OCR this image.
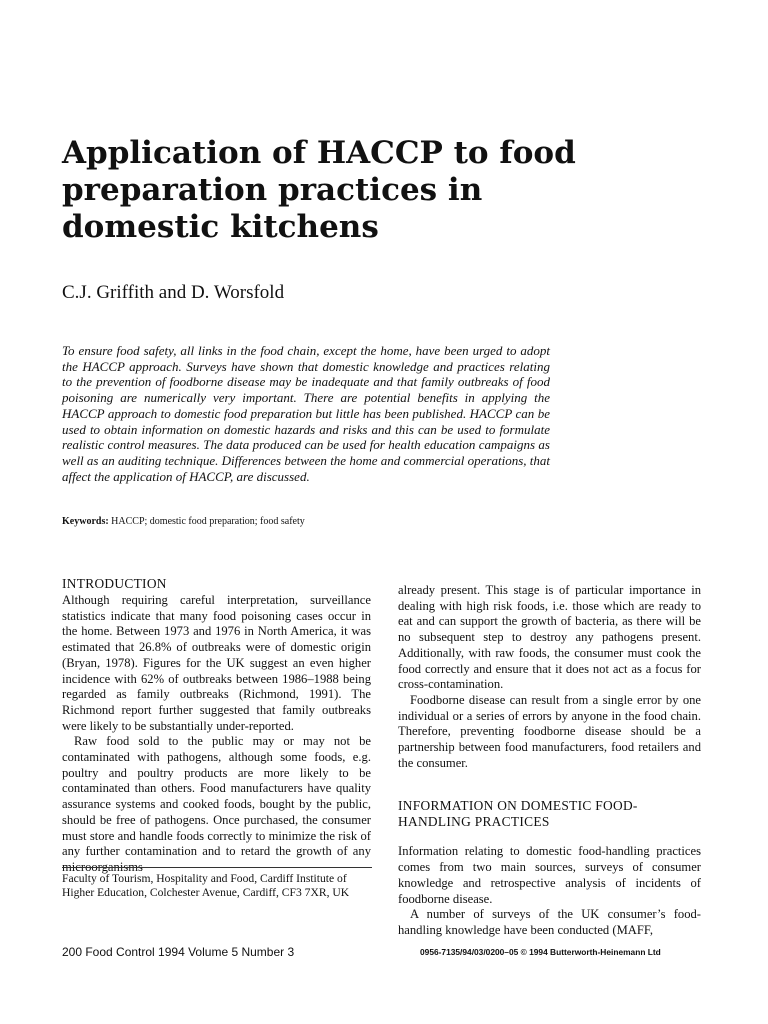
Application of HACCP to food preparation practices in domestic kitchens

C.J. Griffith and D. Worsfold

To ensure food safety, all links in the food chain, except the home, have been urged to adopt the HACCP approach. Surveys have shown that domestic knowledge and practices relating to the prevention of foodborne disease may be inadequate and that family outbreaks of food poisoning are numerically very important. There are potential benefits in applying the HACCP approach to domestic food preparation but little has been published. HACCP can be used to obtain information on domestic hazards and risks and this can be used to formulate realistic control measures. The data produced can be used for health education campaigns as well as an auditing technique. Differences between the home and commercial operations, that affect the application of HACCP, are discussed.

Keywords: HACCP; domestic food preparation; food safety

INTRODUCTION

Although requiring careful interpretation, surveillance statistics indicate that many food poisoning cases occur in the home. Between 1973 and 1976 in North America, it was estimated that 26.8% of outbreaks were of domestic origin (Bryan, 1978). Figures for the UK suggest an even higher incidence with 62% of outbreaks between 1986–1988 being regarded as family outbreaks (Richmond, 1991). The Richmond report further suggested that family outbreaks were likely to be substantially under-reported.

Raw food sold to the public may or may not be contaminated with pathogens, although some foods, e.g. poultry and poultry products are more likely to be contaminated than others. Food manufacturers have quality assurance systems and cooked foods, bought by the public, should be free of pathogens. Once purchased, the consumer must store and handle foods correctly to minimize the risk of any further contamination and to retard the growth of any microorganisms

Faculty of Tourism, Hospitality and Food, Cardiff Institute of Higher Education, Colchester Avenue, Cardiff, CF3 7XR, UK

already present. This stage is of particular importance in dealing with high risk foods, i.e. those which are ready to eat and can support the growth of bacteria, as there will be no subsequent step to destroy any pathogens present. Additionally, with raw foods, the consumer must cook the food correctly and ensure that it does not act as a focus for cross-contamination.

Foodborne disease can result from a single error by one individual or a series of errors by anyone in the food chain. Therefore, preventing foodborne disease should be a partnership between food manufacturers, food retailers and the consumer.

INFORMATION ON DOMESTIC FOOD-HANDLING PRACTICES

Information relating to domestic food-handling practices comes from two main sources, surveys of consumer knowledge and retrospective analysis of incidents of foodborne disease.

A number of surveys of the UK consumer’s food-handling knowledge have been conducted (MAFF,

200 Food Control 1994 Volume 5 Number 3	0956-7135/94/03/0200–05 © 1994 Butterworth-Heinemann Ltd
